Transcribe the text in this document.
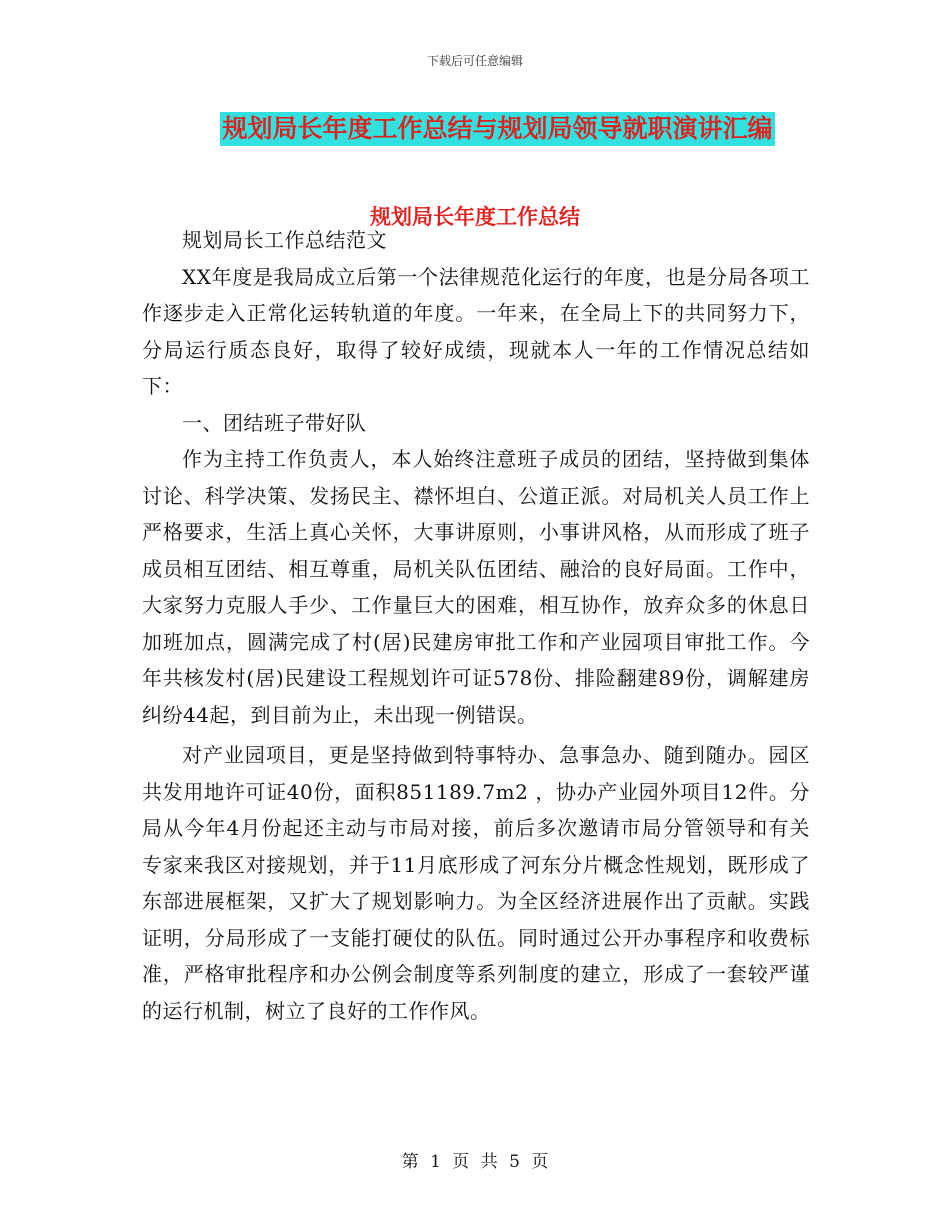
下载后可任意编辑
规划局长年度工作总结与规划局领导就职演讲汇编
规划局长年度工作总结

规划局长工作总结范文

XX年度是我局成立后第一个法律规范化运行的年度，也是分局各项工作逐步走入正常化运转轨道的年度。一年来，在全局上下的共同努力下，分局运行质态良好，取得了较好成绩，现就本人一年的工作情况总结如下：

一、团结班子带好队

作为主持工作负责人，本人始终注意班子成员的团结，坚持做到集体讨论、科学决策、发扬民主、襟怀坦白、公道正派。对局机关人员工作上严格要求，生活上真心关怀，大事讲原则，小事讲风格，从而形成了班子成员相互团结、相互尊重，局机关队伍团结、融洽的良好局面。工作中，大家努力克服人手少、工作量巨大的困难，相互协作，放弃众多的休息日加班加点，圆满完成了村(居)民建房审批工作和产业园项目审批工作。今年共核发村(居)民建设工程规划许可证578份、排险翻建89份，调解建房纠纷44起，到目前为止，未出现一例错误。

对产业园项目，更是坚持做到特事特办、急事急办、随到随办。园区共发用地许可证40份，面积851189.7m2 ，协办产业园外项目12件。分局从今年4月份起还主动与市局对接，前后多次邀请市局分管领导和有关专家来我区对接规划，并于11月底形成了河东分片概念性规划，既形成了东部进展框架，又扩大了规划影响力。为全区经济进展作出了贡献。实践证明，分局形成了一支能打硬仗的队伍。同时通过公开办事程序和收费标准，严格审批程序和办公例会制度等系列制度的建立，形成了一套较严谨的运行机制，树立了良好的工作作风。

第 1 页 共 5 页
